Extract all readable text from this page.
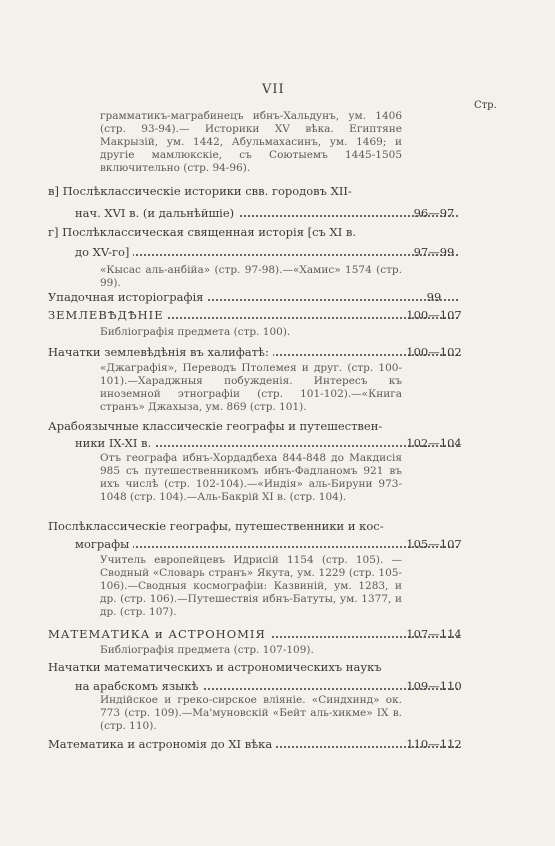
VII
Стр.
грамматикъ-маграбинецъ ибнъ-Хальдунъ, ум. 1406 (стр. 93-94).— Историки XV вѣка. Египтяне Макрызій, ум. 1442, Абульмахасинъ, ум. 1469; и другіе мамлюкскіе, съ Соютыемъ 1445-1505 включительно (стр. 94-96).
в] Послѣклассическіе историки свв. городовъ XII-
нач. XVI в. (и дальнѣйшіе)	96—97
г] Послѣклассическая священная исторія [съ XI в.
до XV-го]	97—99
«Кысас аль-анбійа» (стр. 97-98).—«Хамис» 1574 (стр. 99).
Упадочная исторіографія	99
ЗЕМЛЕВѢДѢНІЕ	100—107
Библіографія предмета (стр. 100).
Начатки землевѣдѣнія въ халифатѣ:	100—102
«Джаграфія», Переводъ Птолемея и друг. (стр. 100-101).—Хараджныя побужденія. Интересъ къ иноземной этнографіи (стр. 101-102).—«Книга странъ» Джахыза, ум. 869 (стр. 101).
Арабоязычные классическіе географы и путешествен-
ники IX-XI в.	102—104
Отъ географа ибнъ-Хордадбеха 844-848 до Макдисія 985 съ путешественникомъ ибнъ-Фадланомъ 921 въ ихъ числѣ (стр. 102-104).—«Индія» аль-Бируни 973-1048 (стр. 104).—Аль-Бакрій XI в. (стр. 104).
Послѣклассическіе географы, путешественники и кос-
мографы	105—107
Учитель европейцевъ Идрисій 1154 (стр. 105). —Сводный «Словарь странъ» Якута, ум. 1229 (стр. 105-106).—Сводныя космографіи: Казвиній, ум. 1283, и др. (стр. 106).—Путешествія ибнъ-Батуты, ум. 1377, и др. (стр. 107).
МАТЕМАТИКА и АСТРОНОМІЯ	107—114
Библіографія предмета (стр. 107-109).
Начатки математическихъ и астрономическихъ наукъ
на арабскомъ языкѣ	109—110
Индійское и греко-сирское вліяніе. «Синдхинд» ок. 773 (стр. 109).—Ма'муновскій «Бейт аль-хикме» IX в. (стр. 110).
Математика и астрономія до XI вѣка	110—112
